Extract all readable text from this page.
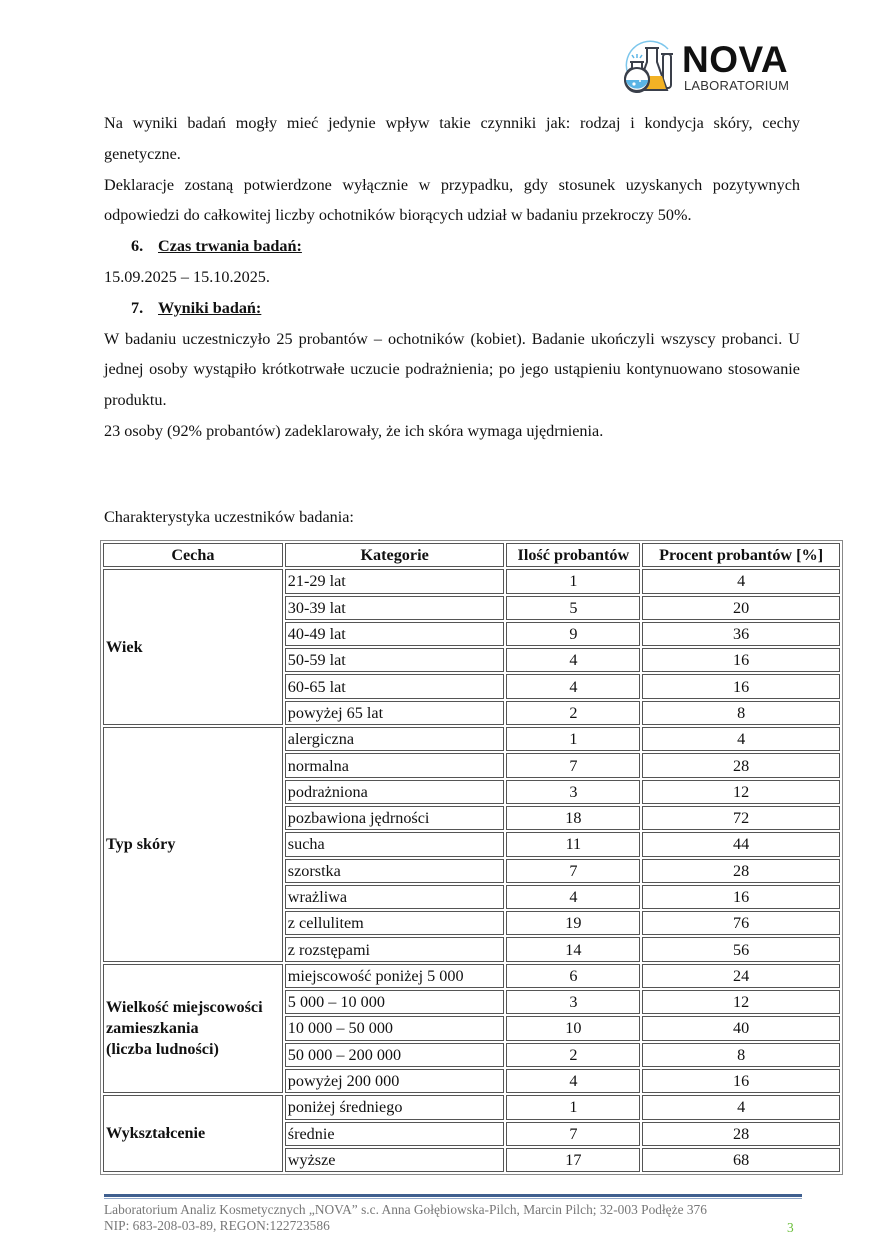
NOVA
LABORATORIUM

Na wyniki badań mogły mieć jedynie wpływ takie czynniki jak: rodzaj i kondycja skóry, cechy genetyczne.

Deklaracje zostaną potwierdzone wyłącznie w przypadku, gdy stosunek uzyskanych pozytywnych odpowiedzi do całkowitej liczby ochotników biorących udział w badaniu przekroczy 50%.

6. Czas trwania badań:

15.09.2025 – 15.10.2025.

7. Wyniki badań:

W badaniu uczestniczyło 25 probantów – ochotników (kobiet). Badanie ukończyli wszyscy probanci. U jednej osoby wystąpiło krótkotrwałe uczucie podrażnienia; po jego ustąpieniu kontynuowano stosowanie produktu.

23 osoby (92% probantów) zadeklarowały, że ich skóra wymaga ujędrnienia.

Charakterystyka uczestników badania:
Cecha	Kategorie	Ilość probantów	Procent probantów [%]
Wiek	21-29 lat	1	4
	30-39 lat	5	20
	40-49 lat	9	36
	50-59 lat	4	16
	60-65 lat	4	16
	powyżej 65 lat	2	8
Typ skóry	alergiczna	1	4
	normalna	7	28
	podrażniona	3	12
	pozbawiona jędrności	18	72
	sucha	11	44
	szorstka	7	28
	wrażliwa	4	16
	z cellulitem	19	76
	z rozstępami	14	56
Wielkość miejscowości
zamieszkania
(liczba ludności)	miejscowość poniżej 5 000	6	24
	5 000 – 10 000	3	12
	10 000 – 50 000	10	40
	50 000 – 200 000	2	8
	powyżej 200 000	4	16
Wykształcenie	poniżej średniego	1	4
	średnie	7	28
	wyższe	17	68
Laboratorium Analiz Kosmetycznych „NOVA” s.c. Anna Gołębiowska-Pilch, Marcin Pilch; 32-003 Podłęże 376
NIP: 683-208-03-89, REGON:122723586	3
